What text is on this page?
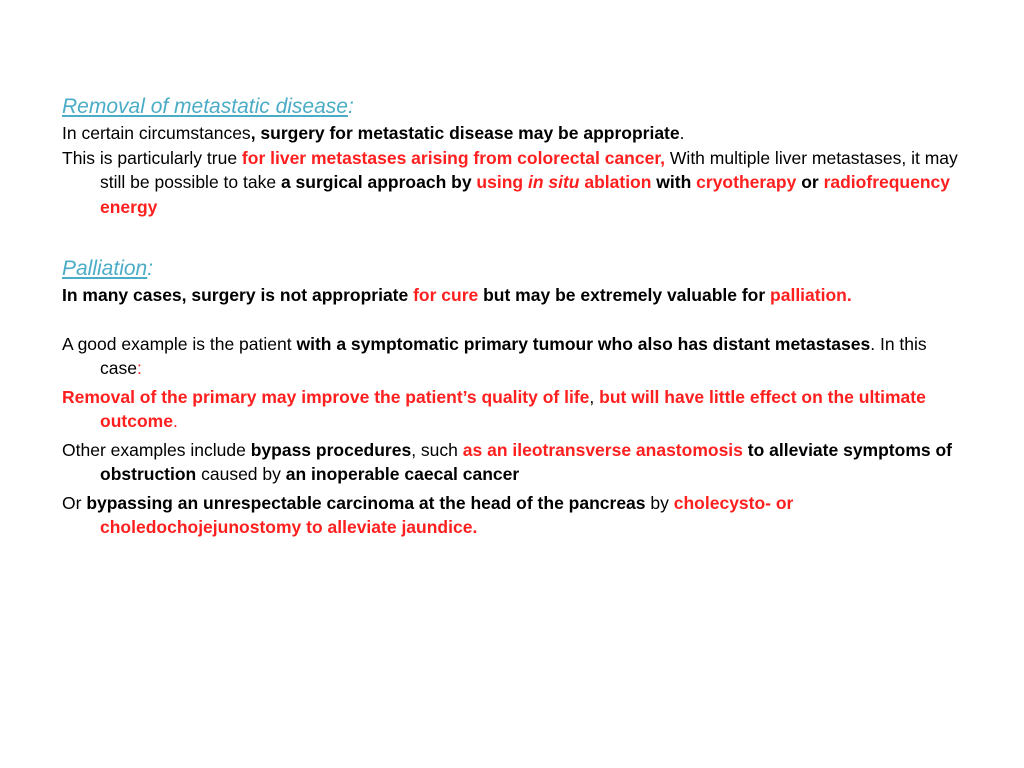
Removal of metastatic disease:

In certain circumstances, surgery for metastatic disease may be appropriate.

This is particularly true for liver metastases arising from colorectal cancer, With multiple liver metastases, it may still be possible to take a surgical approach by using in situ ablation with cryotherapy or radiofrequency energy

Palliation:

In many cases, surgery is not appropriate for cure but may be extremely valuable for palliation.

A good example is the patient with a symptomatic primary tumour who also has distant metastases. In this case:

Removal of the primary may improve the patient’s quality of life, but will have little effect on the ultimate outcome.

Other examples include bypass procedures, such as an ileotransverse anastomosis to alleviate symptoms of obstruction caused by an inoperable caecal cancer

Or bypassing an unrespectable carcinoma at the head of the pancreas by cholecysto- or choledochojejunostomy to alleviate jaundice.
